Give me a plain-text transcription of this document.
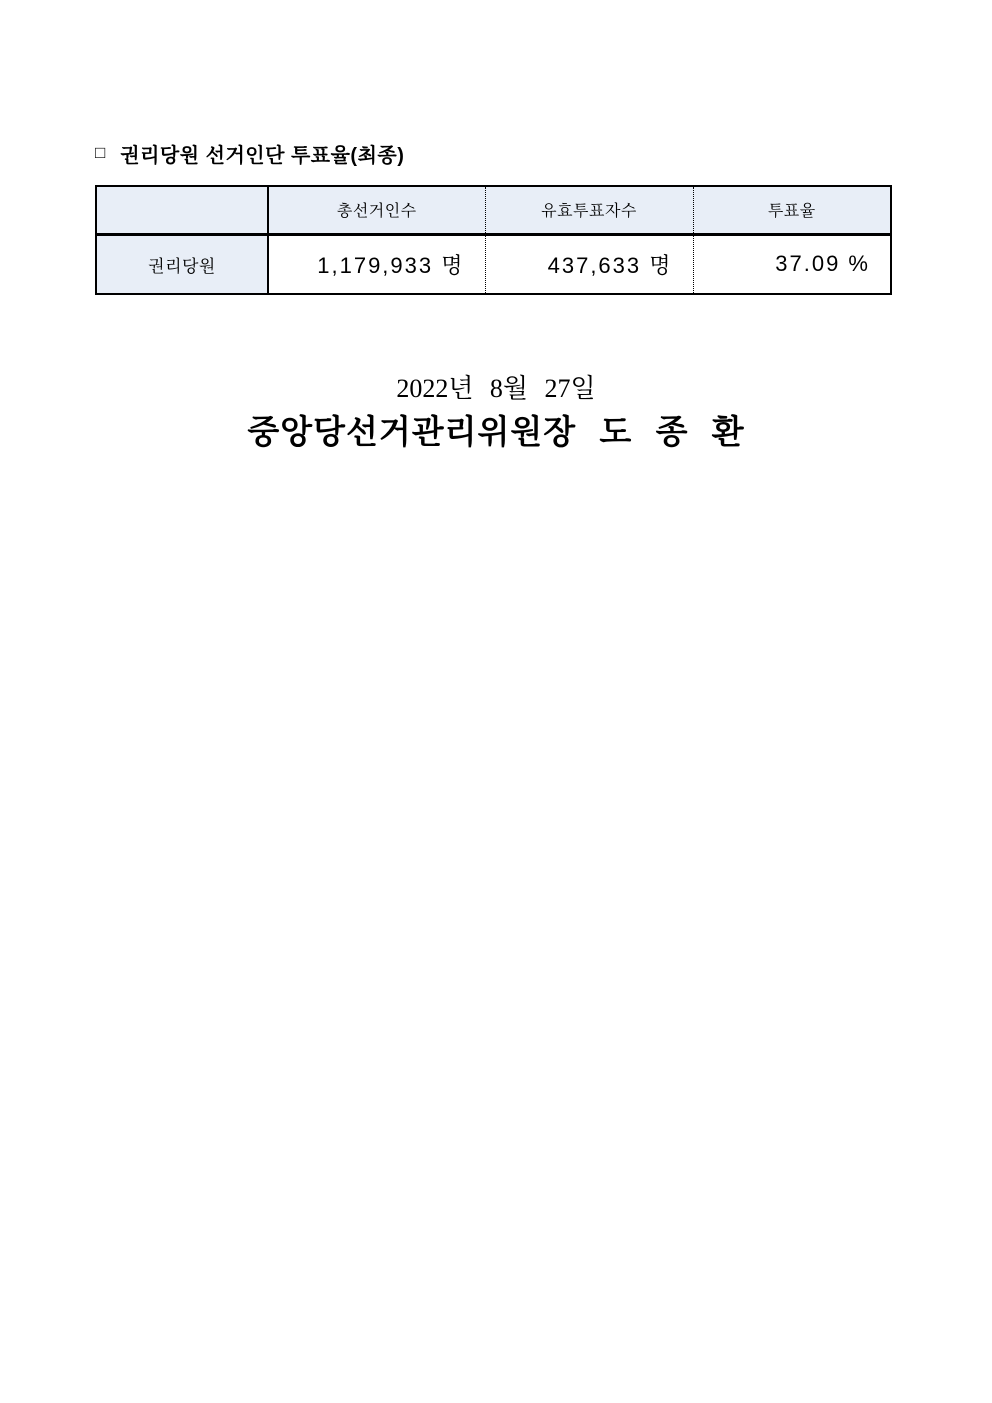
□ 권리당원 선거인단 투표율(최종)
	총선거인수	유효투표자수	투표율
권리당원	1,179,933 명	437,633 명	37.09 %
2022년 8월 27일
중앙당선거관리위원장 도 종 환
